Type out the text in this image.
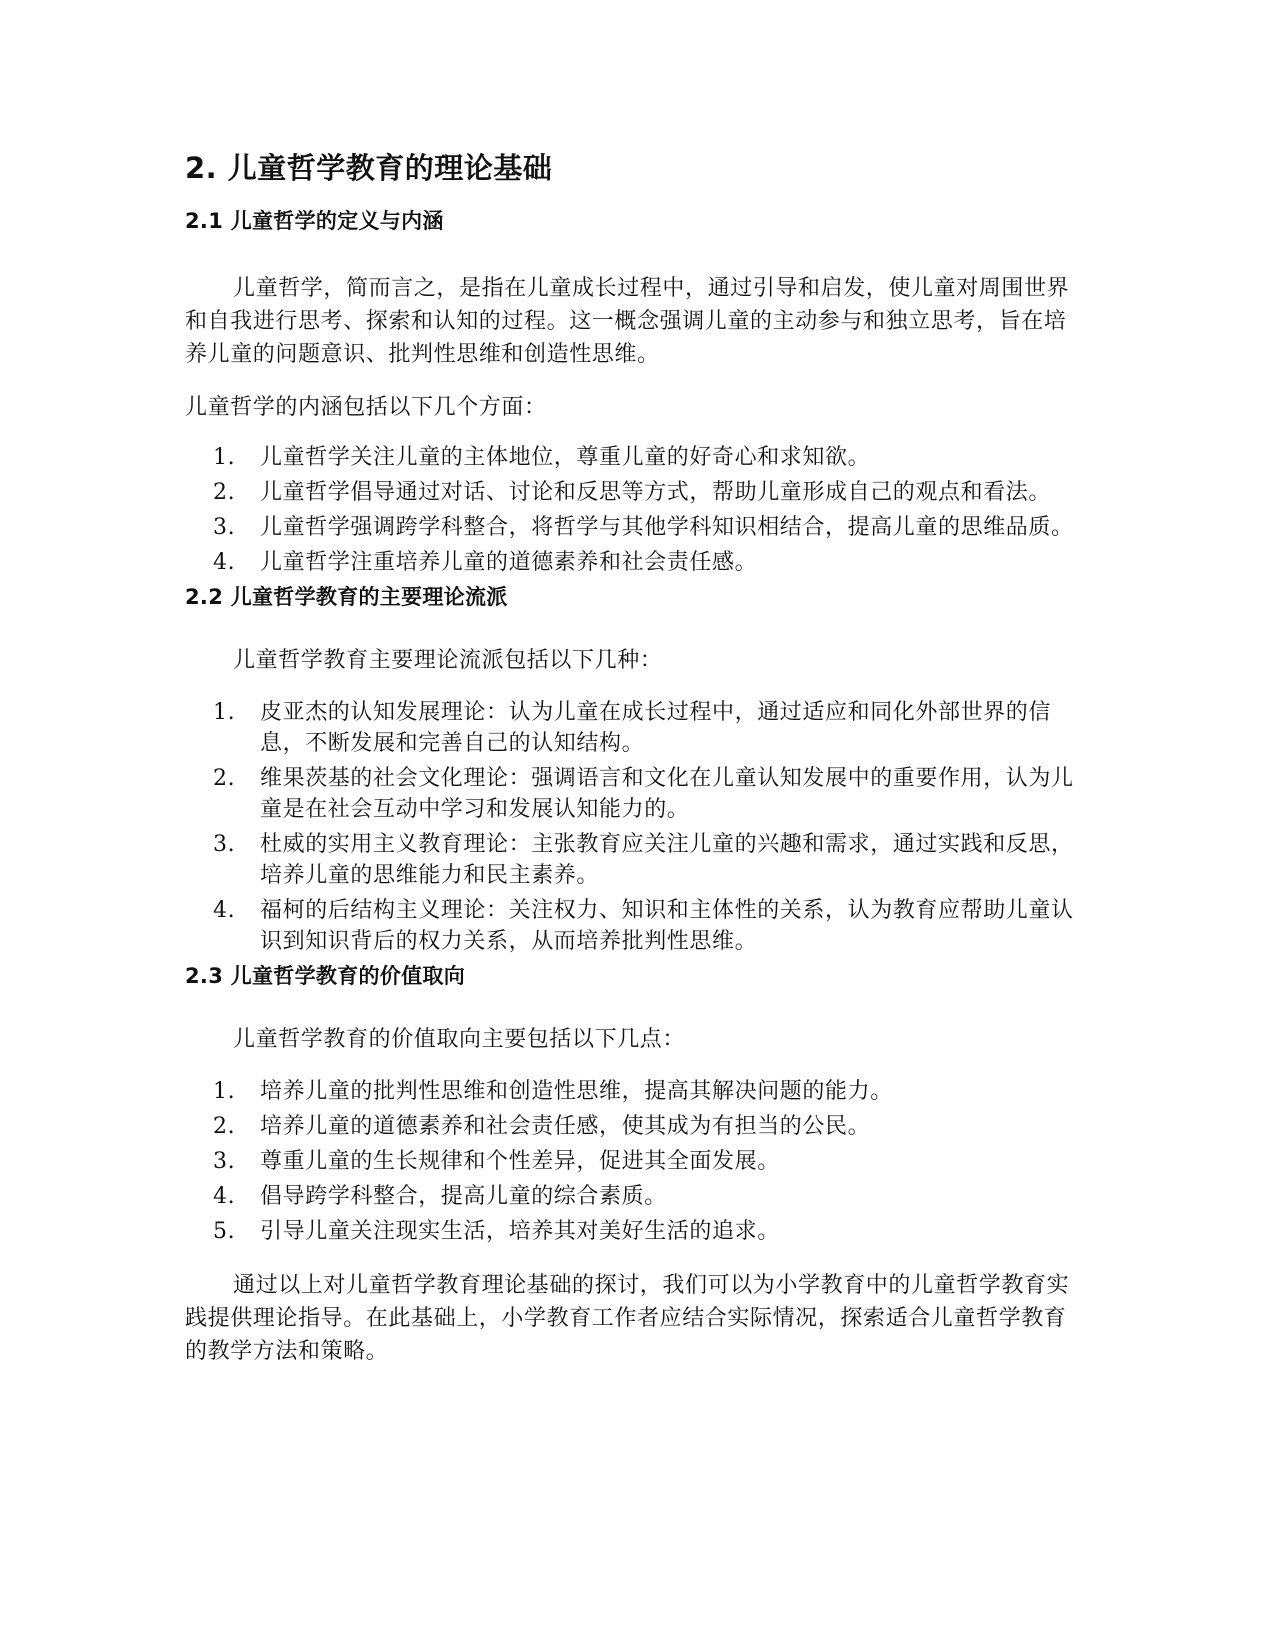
2. 儿童哲学教育的理论基础
2.1 儿童哲学的定义与内涵

儿童哲学，简而言之，是指在儿童成长过程中，通过引导和启发，使儿童对周围世界和自我进行思考、探索和认知的过程。这一概念强调儿童的主动参与和独立思考，旨在培养儿童的问题意识、批判性思维和创造性思维。

儿童哲学的内涵包括以下几个方面：

1. 儿童哲学关注儿童的主体地位，尊重儿童的好奇心和求知欲。
2. 儿童哲学倡导通过对话、讨论和反思等方式，帮助儿童形成自己的观点和看法。
3. 儿童哲学强调跨学科整合，将哲学与其他学科知识相结合，提高儿童的思维品质。
4. 儿童哲学注重培养儿童的道德素养和社会责任感。
2.2 儿童哲学教育的主要理论流派

儿童哲学教育主要理论流派包括以下几种：

1. 皮亚杰的认知发展理论：认为儿童在成长过程中，通过适应和同化外部世界的信息，不断发展和完善自己的认知结构。
2. 维果茨基的社会文化理论：强调语言和文化在儿童认知发展中的重要作用，认为儿童是在社会互动中学习和发展认知能力的。
3. 杜威的实用主义教育理论：主张教育应关注儿童的兴趣和需求，通过实践和反思，培养儿童的思维能力和民主素养。
4. 福柯的后结构主义理论：关注权力、知识和主体性的关系，认为教育应帮助儿童认识到知识背后的权力关系，从而培养批判性思维。
2.3 儿童哲学教育的价值取向

儿童哲学教育的价值取向主要包括以下几点：

1. 培养儿童的批判性思维和创造性思维，提高其解决问题的能力。
2. 培养儿童的道德素养和社会责任感，使其成为有担当的公民。
3. 尊重儿童的生长规律和个性差异，促进其全面发展。
4. 倡导跨学科整合，提高儿童的综合素质。
5. 引导儿童关注现实生活，培养其对美好生活的追求。

通过以上对儿童哲学教育理论基础的探讨，我们可以为小学教育中的儿童哲学教育实践提供理论指导。在此基础上，小学教育工作者应结合实际情况，探索适合儿童哲学教育的教学方法和策略。
